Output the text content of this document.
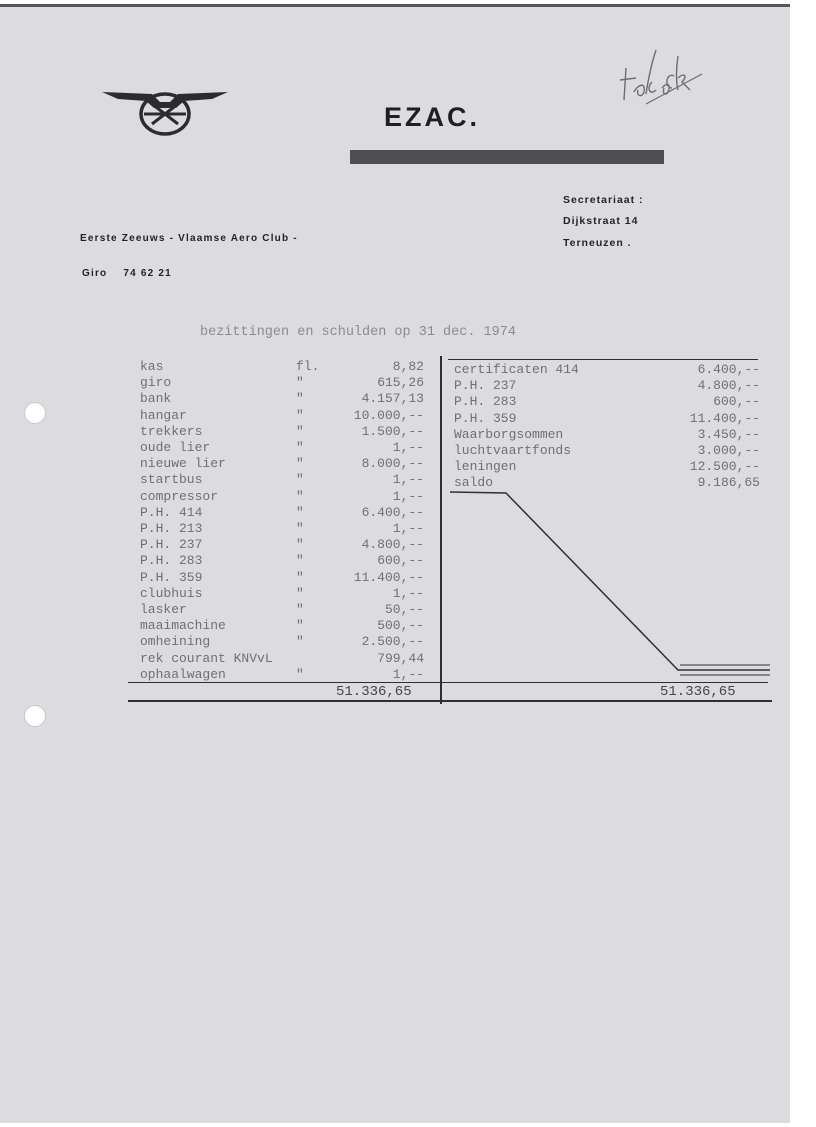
EZAC.
Secretariaat :
Dijkstraat 14
Terneuzen .
Eerste Zeeuws - Vlaamse Aero Club -
Giro 74 62 21
bezittingen en schulden op 31 dec. 1974
51.336,65	51.336,65
kas	fl.	8,82
giro	"	615,26
bank	"	4.157,13
hangar	"	10.000,--
trekkers	"	1.500,--
oude lier	"	1,--
nieuwe lier	"	8.000,--
startbus	"	1,--
compressor	"	1,--
P.H. 414	"	6.400,--
P.H. 213	"	1,--
P.H. 237	"	4.800,--
P.H. 283	"	600,--
P.H. 359	"	11.400,--
clubhuis	"	1,--
lasker	"	50,--
maaimachine	"	500,--
omheining	"	2.500,--
rek courant KNVvL	799,44
ophaalwagen	"	1,--
certificaten 414	6.400,--
P.H. 237	4.800,--
P.H. 283	600,--
P.H. 359	11.400,--
Waarborgsommen	3.450,--
luchtvaartfonds	3.000,--
leningen	12.500,--
saldo	9.186,65
